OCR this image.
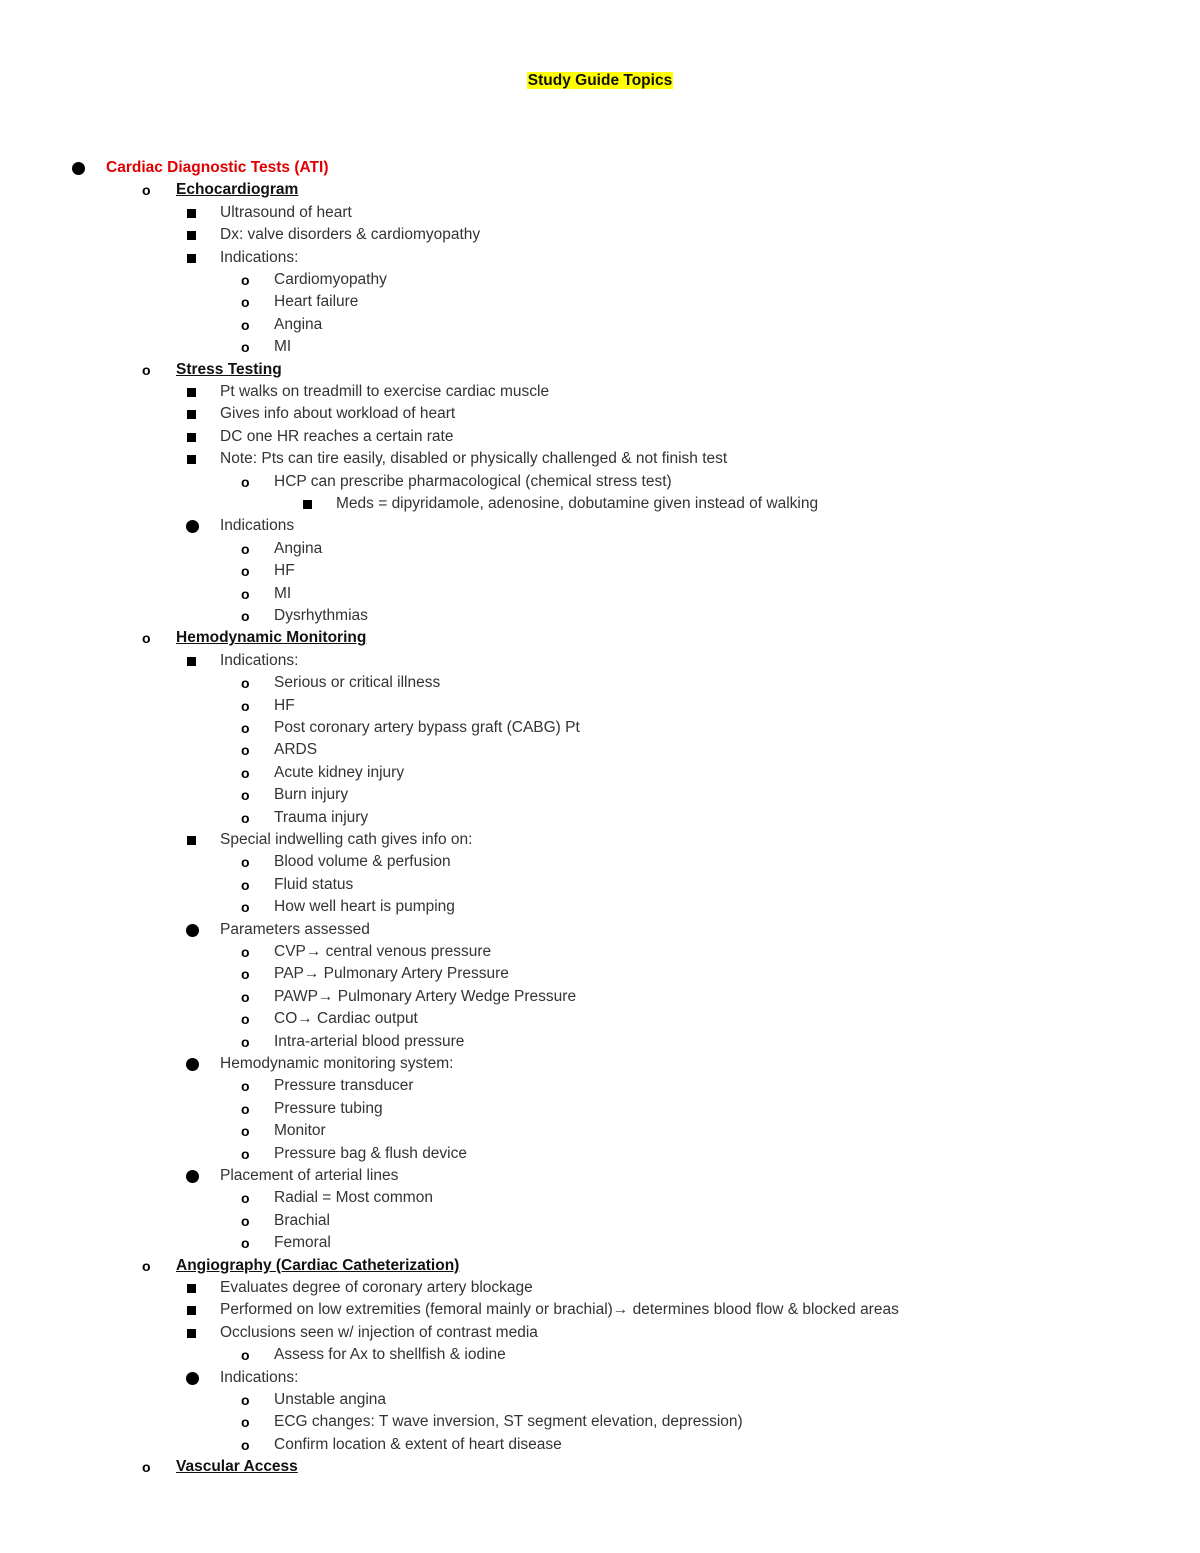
Study Guide Topics
Cardiac Diagnostic Tests (ATI)
o Echocardiogram
Ultrasound of heart
Dx: valve disorders & cardiomyopathy
Indications:
o Cardiomyopathy
o Heart failure
o Angina
o MI
o Stress Testing
Pt walks on treadmill to exercise cardiac muscle
Gives info about workload of heart
DC one HR reaches a certain rate
Note: Pts can tire easily, disabled or physically challenged & not finish test
o HCP can prescribe pharmacological (chemical stress test)
Meds = dipyridamole, adenosine, dobutamine given instead of walking
Indications
o Angina
o HF
o MI
o Dysrhythmias
o Hemodynamic Monitoring
Indications:
o Serious or critical illness
o HF
o Post coronary artery bypass graft (CABG) Pt
o ARDS
o Acute kidney injury
o Burn injury
o Trauma injury
Special indwelling cath gives info on:
o Blood volume & perfusion
o Fluid status
o How well heart is pumping
Parameters assessed
o CVP→ central venous pressure
o PAP→ Pulmonary Artery Pressure
o PAWP→ Pulmonary Artery Wedge Pressure
o CO→ Cardiac output
o Intra-arterial blood pressure
Hemodynamic monitoring system:
o Pressure transducer
o Pressure tubing
o Monitor
o Pressure bag & flush device
Placement of arterial lines
o Radial = Most common
o Brachial
o Femoral
o Angiography (Cardiac Catheterization)
Evaluates degree of coronary artery blockage
Performed on low extremities (femoral mainly or brachial)→ determines blood flow & blocked areas
Occlusions seen w/ injection of contrast media
o Assess for Ax to shellfish & iodine
Indications:
o Unstable angina
o ECG changes: T wave inversion, ST segment elevation, depression)
o Confirm location & extent of heart disease
o Vascular Access
